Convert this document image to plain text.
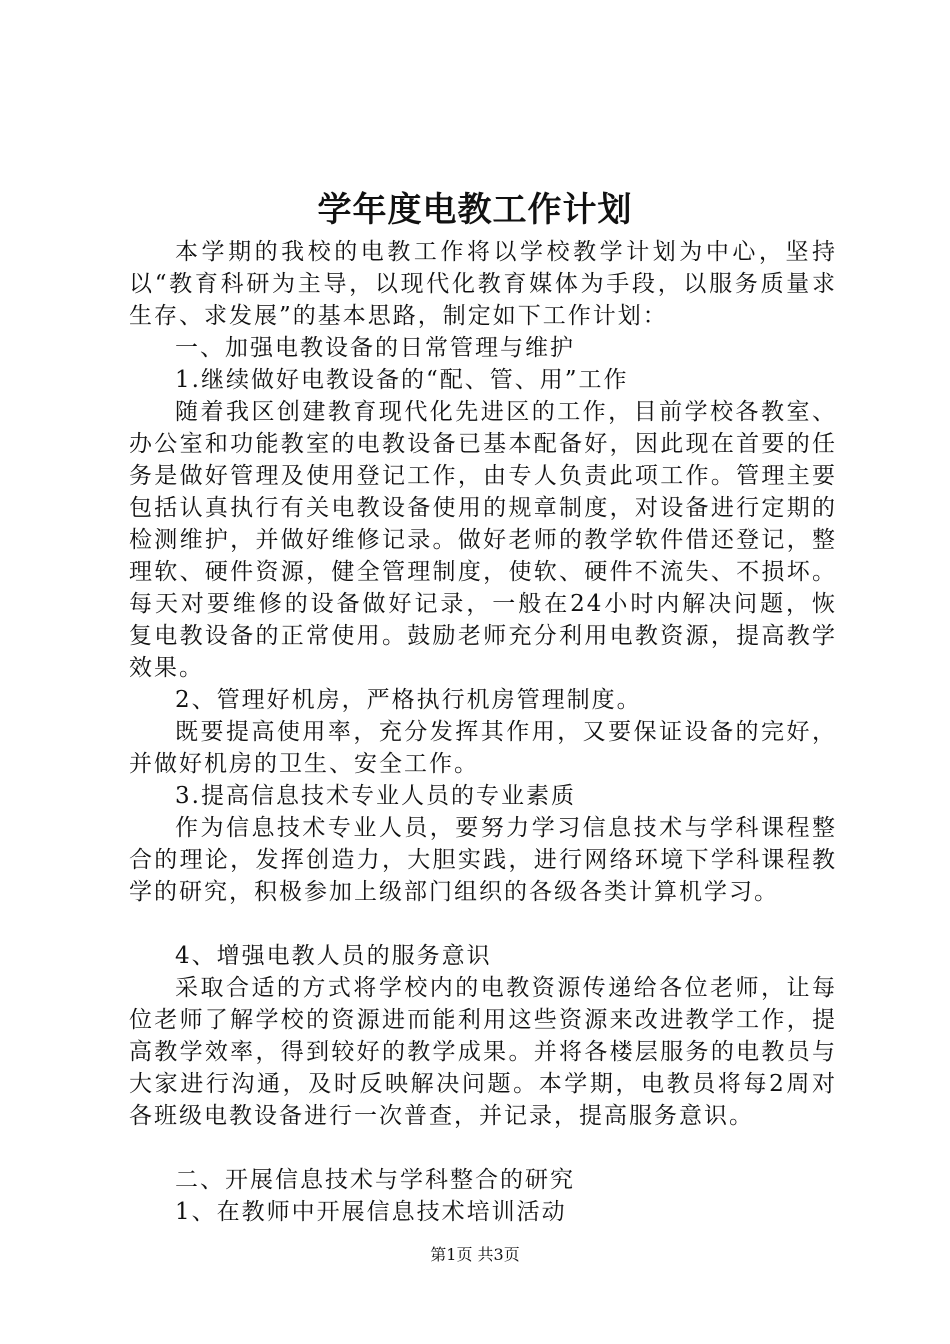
学年度电教工作计划

本学期的我校的电教工作将以学校教学计划为中心，坚持以“教育科研为主导，以现代化教育媒体为手段，以服务质量求生存、求发展”的基本思路，制定如下工作计划：

一、加强电教设备的日常管理与维护

1.继续做好电教设备的“配、管、用”工作

随着我区创建教育现代化先进区的工作，目前学校各教室、办公室和功能教室的电教设备已基本配备好，因此现在首要的任务是做好管理及使用登记工作，由专人负责此项工作。管理主要包括认真执行有关电教设备使用的规章制度，对设备进行定期的检测维护，并做好维修记录。做好老师的教学软件借还登记，整理软、硬件资源，健全管理制度，使软、硬件不流失、不损坏。每天对要维修的设备做好记录，一般在24小时内解决问题，恢复电教设备的正常使用。鼓励老师充分利用电教资源，提高教学效果。

2、管理好机房，严格执行机房管理制度。

既要提高使用率，充分发挥其作用，又要保证设备的完好，并做好机房的卫生、安全工作。

3.提高信息技术专业人员的专业素质

作为信息技术专业人员，要努力学习信息技术与学科课程整合的理论，发挥创造力，大胆实践，进行网络环境下学科课程教学的研究，积极参加上级部门组织的各级各类计算机学习。

4、增强电教人员的服务意识

采取合适的方式将学校内的电教资源传递给各位老师，让每位老师了解学校的资源进而能利用这些资源来改进教学工作，提高教学效率，得到较好的教学成果。并将各楼层服务的电教员与大家进行沟通，及时反映解决问题。本学期，电教员将每2周对各班级电教设备进行一次普查，并记录，提高服务意识。

二、开展信息技术与学科整合的研究

1、在教师中开展信息技术培训活动

第1页 共3页
